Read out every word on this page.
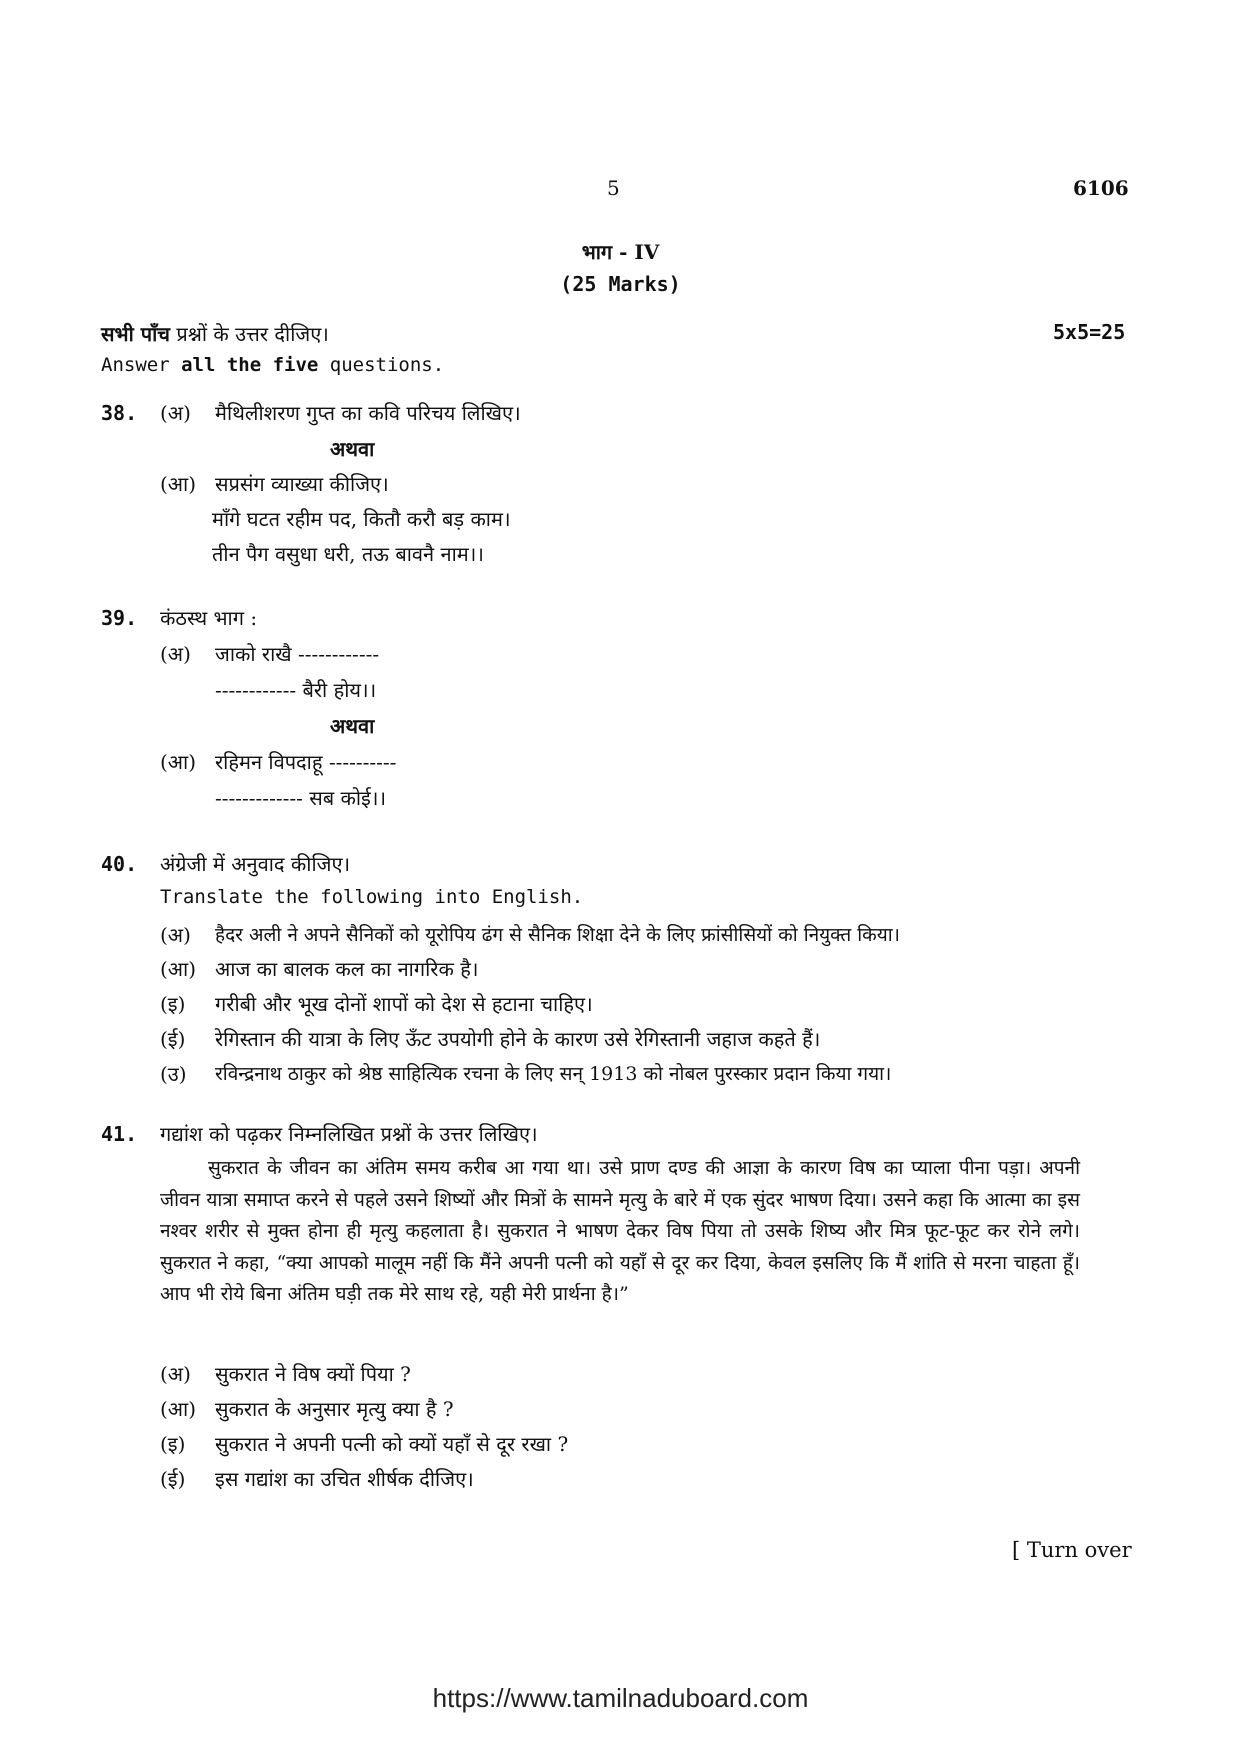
5	6106
भाग - IV
(25 Marks)
सभी पाँच प्रश्नों के उत्तर दीजिए।	5x5=25
Answer all the five questions.
38. (अ) मैथिलीशरण गुप्त का कवि परिचय लिखिए।
अथवा
(आ) सप्रसंग व्याख्या कीजिए।
माँगे घटत रहीम पद, कितौ करौ बड़ काम।
तीन पैग वसुधा धरी, तऊ बावनै नाम।।
39. कंठस्थ भाग :
(अ) जाको राखै ------------
------------ बैरी होय।।
अथवा
(आ) रहिमन विपदाहू ----------
------------- सब कोई।।
40. अंग्रेजी में अनुवाद कीजिए।
Translate the following into English.
(अ) हैदर अली ने अपने सैनिकों को यूरोपिय ढंग से सैनिक शिक्षा देने के लिए फ्रांसीसियों को नियुक्त किया।
(आ) आज का बालक कल का नागरिक है।
(इ) गरीबी और भूख दोनों शापों को देश से हटाना चाहिए।
(ई) रेगिस्तान की यात्रा के लिए ऊँट उपयोगी होने के कारण उसे रेगिस्तानी जहाज कहते हैं।
(उ) रविन्द्रनाथ ठाकुर को श्रेष्ठ साहित्यिक रचना के लिए सन् 1913 को नोबल पुरस्कार प्रदान किया गया।
41. गद्यांश को पढ़कर निम्नलिखित प्रश्नों के उत्तर लिखिए।
सुकरात के जीवन का अंतिम समय करीब आ गया था। उसे प्राण दण्ड की आज्ञा के कारण विष का प्याला पीना पड़ा। अपनी जीवन यात्रा समाप्त करने से पहले उसने शिष्यों और मित्रों के सामने मृत्यु के बारे में एक सुंदर भाषण दिया। उसने कहा कि आत्मा का इस नश्वर शरीर से मुक्त होना ही मृत्यु कहलाता है। सुकरात ने भाषण देकर विष पिया तो उसके शिष्य और मित्र फूट-फूट कर रोने लगे। सुकरात ने कहा, “क्या आपको मालूम नहीं कि मैंने अपनी पत्नी को यहाँ से दूर कर दिया, केवल इसलिए कि मैं शांति से मरना चाहता हूँ। आप भी रोये बिना अंतिम घड़ी तक मेरे साथ रहे, यही मेरी प्रार्थना है।”
(अ) सुकरात ने विष क्यों पिया ?
(आ) सुकरात के अनुसार मृत्यु क्या है ?
(इ) सुकरात ने अपनी पत्नी को क्यों यहाँ से दूर रखा ?
(ई) इस गद्यांश का उचित शीर्षक दीजिए।
[ Turn over
https://www.tamilnaduboard.com
